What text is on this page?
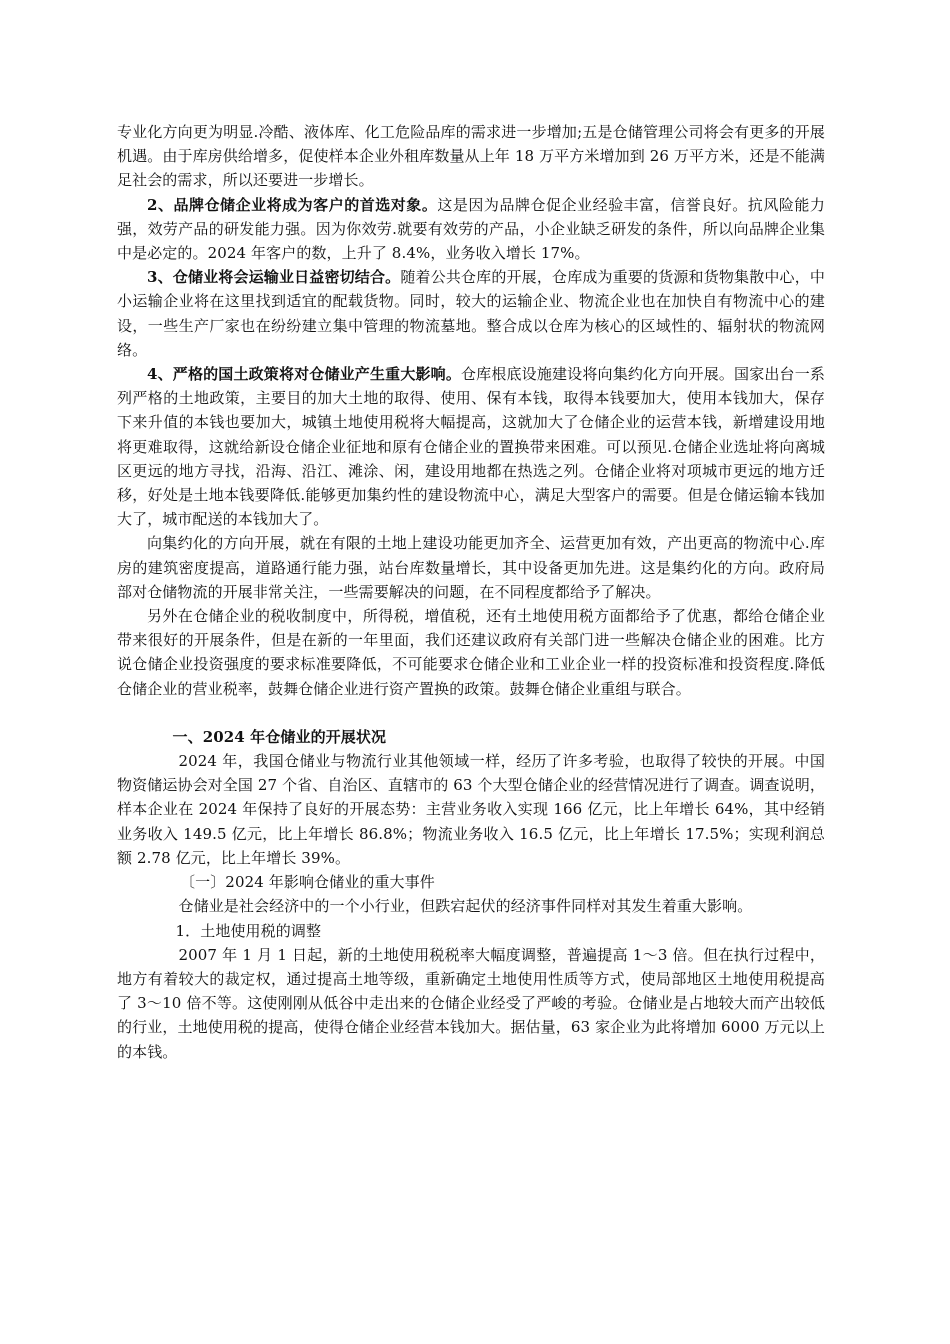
专业化方向更为明显.冷酷、液体库、化工危险品库的需求进一步增加;五是仓储管理公司将会有更多的开展机遇。由于库房供给增多，促使样本企业外租库数量从上年 18 万平方米增加到 26 万平方米，还是不能满足社会的需求，所以还要进一步增长。

2、品牌仓储企业将成为客户的首选对象。这是因为品牌仓促企业经验丰富，信誉良好。抗风险能力强，效劳产品的研发能力强。因为你效劳.就要有效劳的产品，小企业缺乏研发的条件，所以向品牌企业集中是必定的。2024 年客户的数，上升了 8.4%，业务收入增长 17%。

3、仓储业将会运输业日益密切结合。随着公共仓库的开展，仓库成为重要的货源和货物集散中心，中小运输企业将在这里找到适宜的配载货物。同时，较大的运输企业、物流企业也在加快自有物流中心的建设，一些生产厂家也在纷纷建立集中管理的物流墓地。整合成以仓库为核心的区域性的、辐射状的物流网络。

4、严格的国土政策将对仓储业产生重大影响。仓库根底设施建设将向集约化方向开展。国家出台一系列严格的土地政策，主要目的加大土地的取得、使用、保有本钱，取得本钱要加大，使用本钱加大，保存下来升值的本钱也要加大，城镇土地使用税将大幅提高，这就加大了仓储企业的运营本钱，新增建设用地将更难取得，这就给新设仓储企业征地和原有仓储企业的置换带来困难。可以预见.仓储企业选址将向离城区更远的地方寻找，沿海、沿江、滩涂、闲，建设用地都在热选之列。仓储企业将对项城市更远的地方迁移，好处是土地本钱要降低.能够更加集约性的建设物流中心，满足大型客户的需要。但是仓储运输本钱加大了，城市配送的本钱加大了。

向集约化的方向开展，就在有限的土地上建设功能更加齐全、运营更加有效，产出更高的物流中心.库房的建筑密度提高，道路通行能力强，站台库数量增长，其中设备更加先进。这是集约化的方向。政府局部对仓储物流的开展非常关注，一些需要解决的问题，在不同程度都给予了解决。

另外在仓储企业的税收制度中，所得税，增值税，还有土地使用税方面都给予了优惠，都给仓储企业带来很好的开展条件，但是在新的一年里面，我们还建议政府有关部门进一些解决仓储企业的困难。比方说仓储企业投资强度的要求标准要降低，不可能要求仓储企业和工业企业一样的投资标准和投资程度.降低仓储企业的营业税率，鼓舞仓储企业进行资产置换的政策。鼓舞仓储企业重组与联合。

一、2024 年仓储业的开展状况

2024 年，我国仓储业与物流行业其他领域一样，经历了许多考验，也取得了较快的开展。中国物资储运协会对全国 27 个省、自治区、直辖市的 63 个大型仓储企业的经营情况进行了调查。调查说明，样本企业在 2024 年保持了良好的开展态势：主营业务收入实现 166 亿元，比上年增长 64%，其中经销业务收入 149.5 亿元，比上年增长 86.8%；物流业务收入 16.5 亿元，比上年增长 17.5%；实现利润总额 2.78 亿元，比上年增长 39%。

〔一〕2024 年影响仓储业的重大事件

仓储业是社会经济中的一个小行业，但跌宕起伏的经济事件同样对其发生着重大影响。

1．土地使用税的调整

2007 年 1 月 1 日起，新的土地使用税税率大幅度调整，普遍提高 1～3 倍。但在执行过程中，地方有着较大的裁定权，通过提高土地等级，重新确定土地使用性质等方式，使局部地区土地使用税提高了 3～10 倍不等。这使刚刚从低谷中走出来的仓储企业经受了严峻的考验。仓储业是占地较大而产出较低的行业，土地使用税的提高，使得仓储企业经营本钱加大。据估量，63 家企业为此将增加 6000 万元以上的本钱。
